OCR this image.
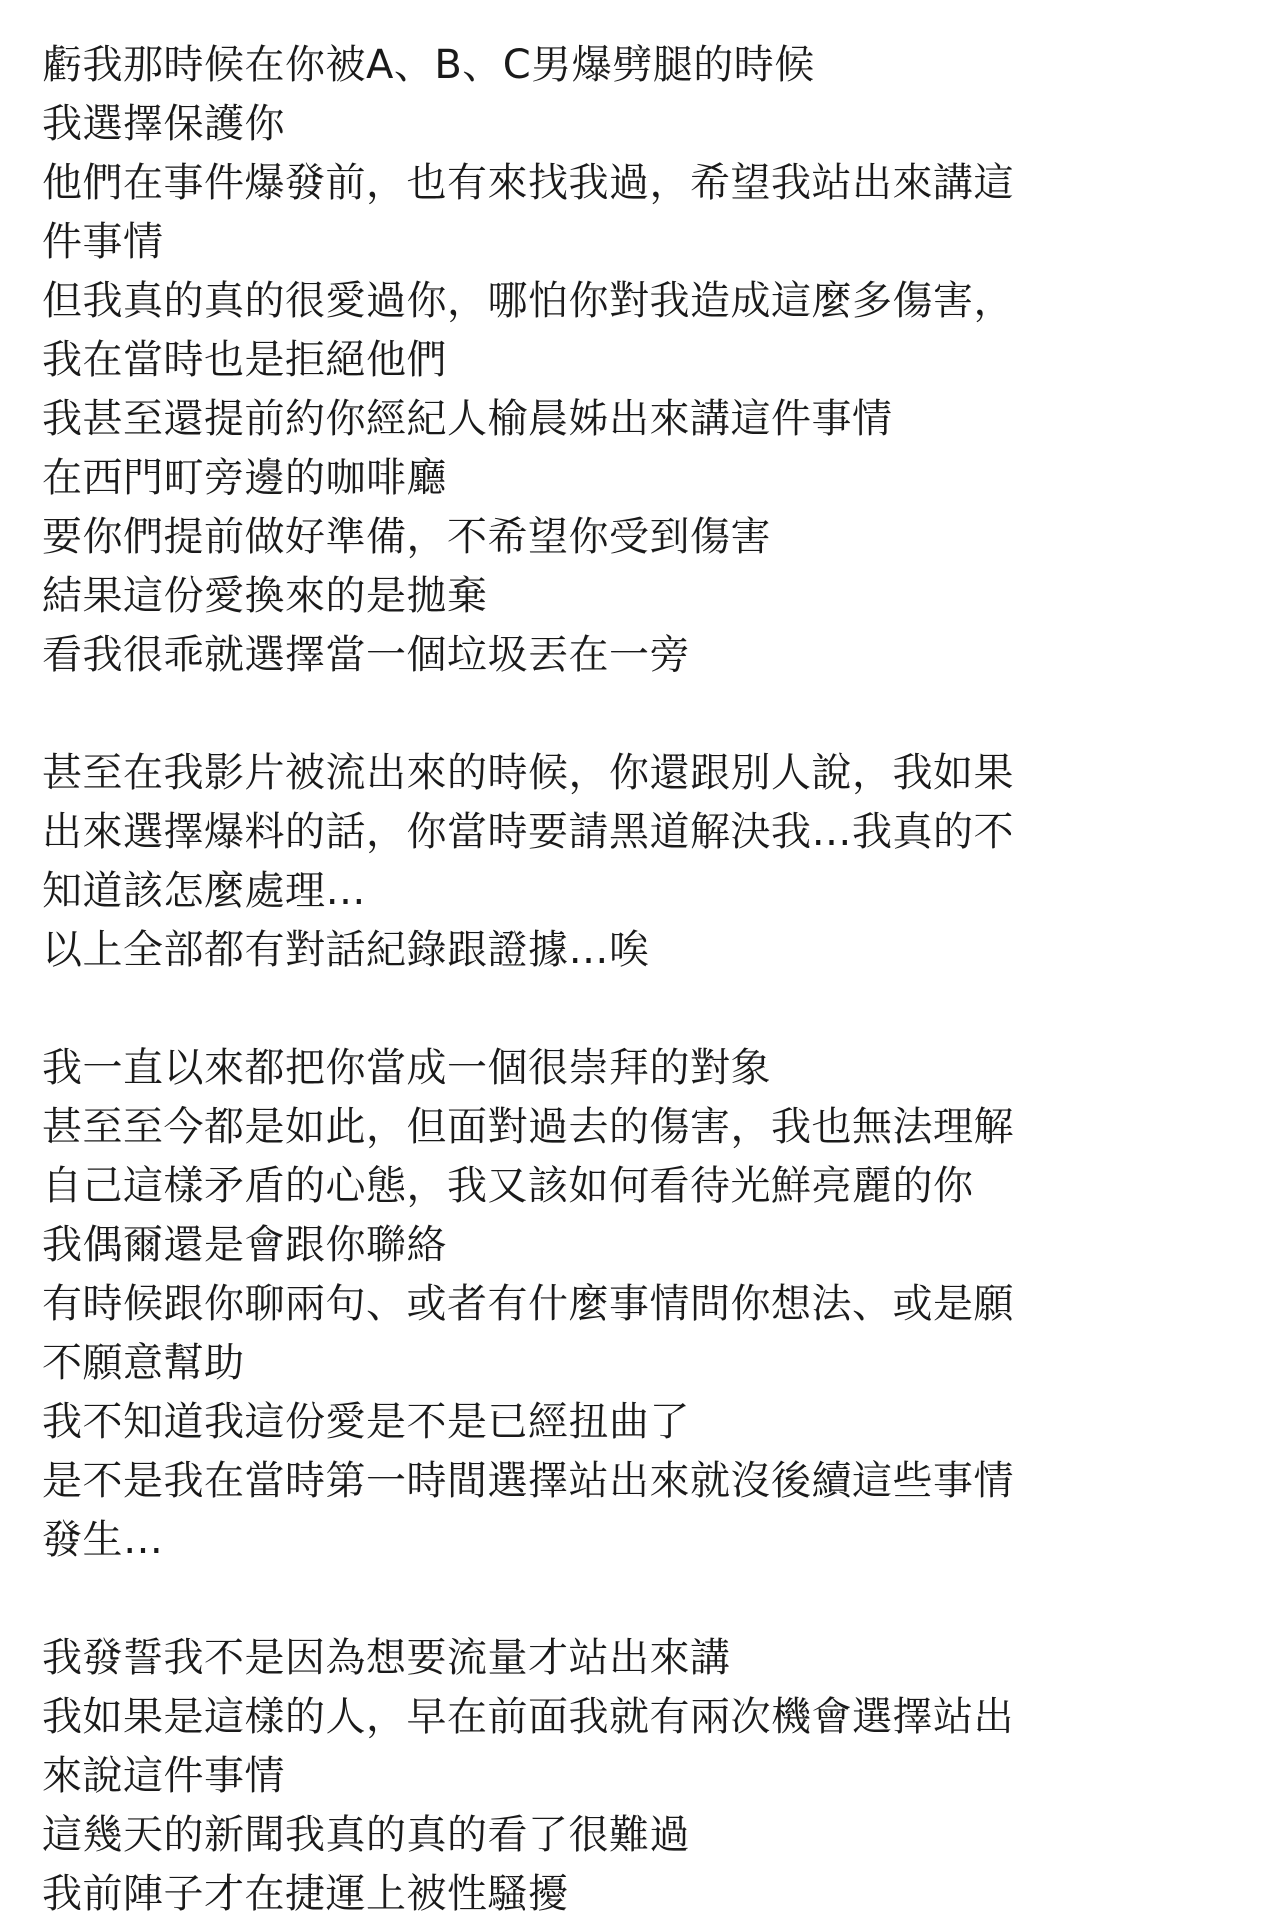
虧我那時候在你被A、B、C男爆劈腿的時候
我選擇保護你
他們在事件爆發前，也有來找我過，希望我站出來講這
件事情
但我真的真的很愛過你，哪怕你對我造成這麼多傷害，
我在當時也是拒絕他們
我甚至還提前約你經紀人榆晨姊出來講這件事情
在西門町旁邊的咖啡廳
要你們提前做好準備，不希望你受到傷害
結果這份愛換來的是拋棄
看我很乖就選擇當一個垃圾丟在一旁
甚至在我影片被流出來的時候，你還跟別人說，我如果
出來選擇爆料的話，你當時要請黑道解決我…我真的不
知道該怎麼處理…
以上全部都有對話紀錄跟證據…唉
我一直以來都把你當成一個很崇拜的對象
甚至至今都是如此，但面對過去的傷害，我也無法理解
自己這樣矛盾的心態，我又該如何看待光鮮亮麗的你
我偶爾還是會跟你聯絡
有時候跟你聊兩句、或者有什麼事情問你想法、或是願
不願意幫助
我不知道我這份愛是不是已經扭曲了
是不是我在當時第一時間選擇站出來就沒後續這些事情
發生…
我發誓我不是因為想要流量才站出來講
我如果是這樣的人，早在前面我就有兩次機會選擇站出
來說這件事情
這幾天的新聞我真的真的看了很難過
我前陣子才在捷運上被性騷擾
